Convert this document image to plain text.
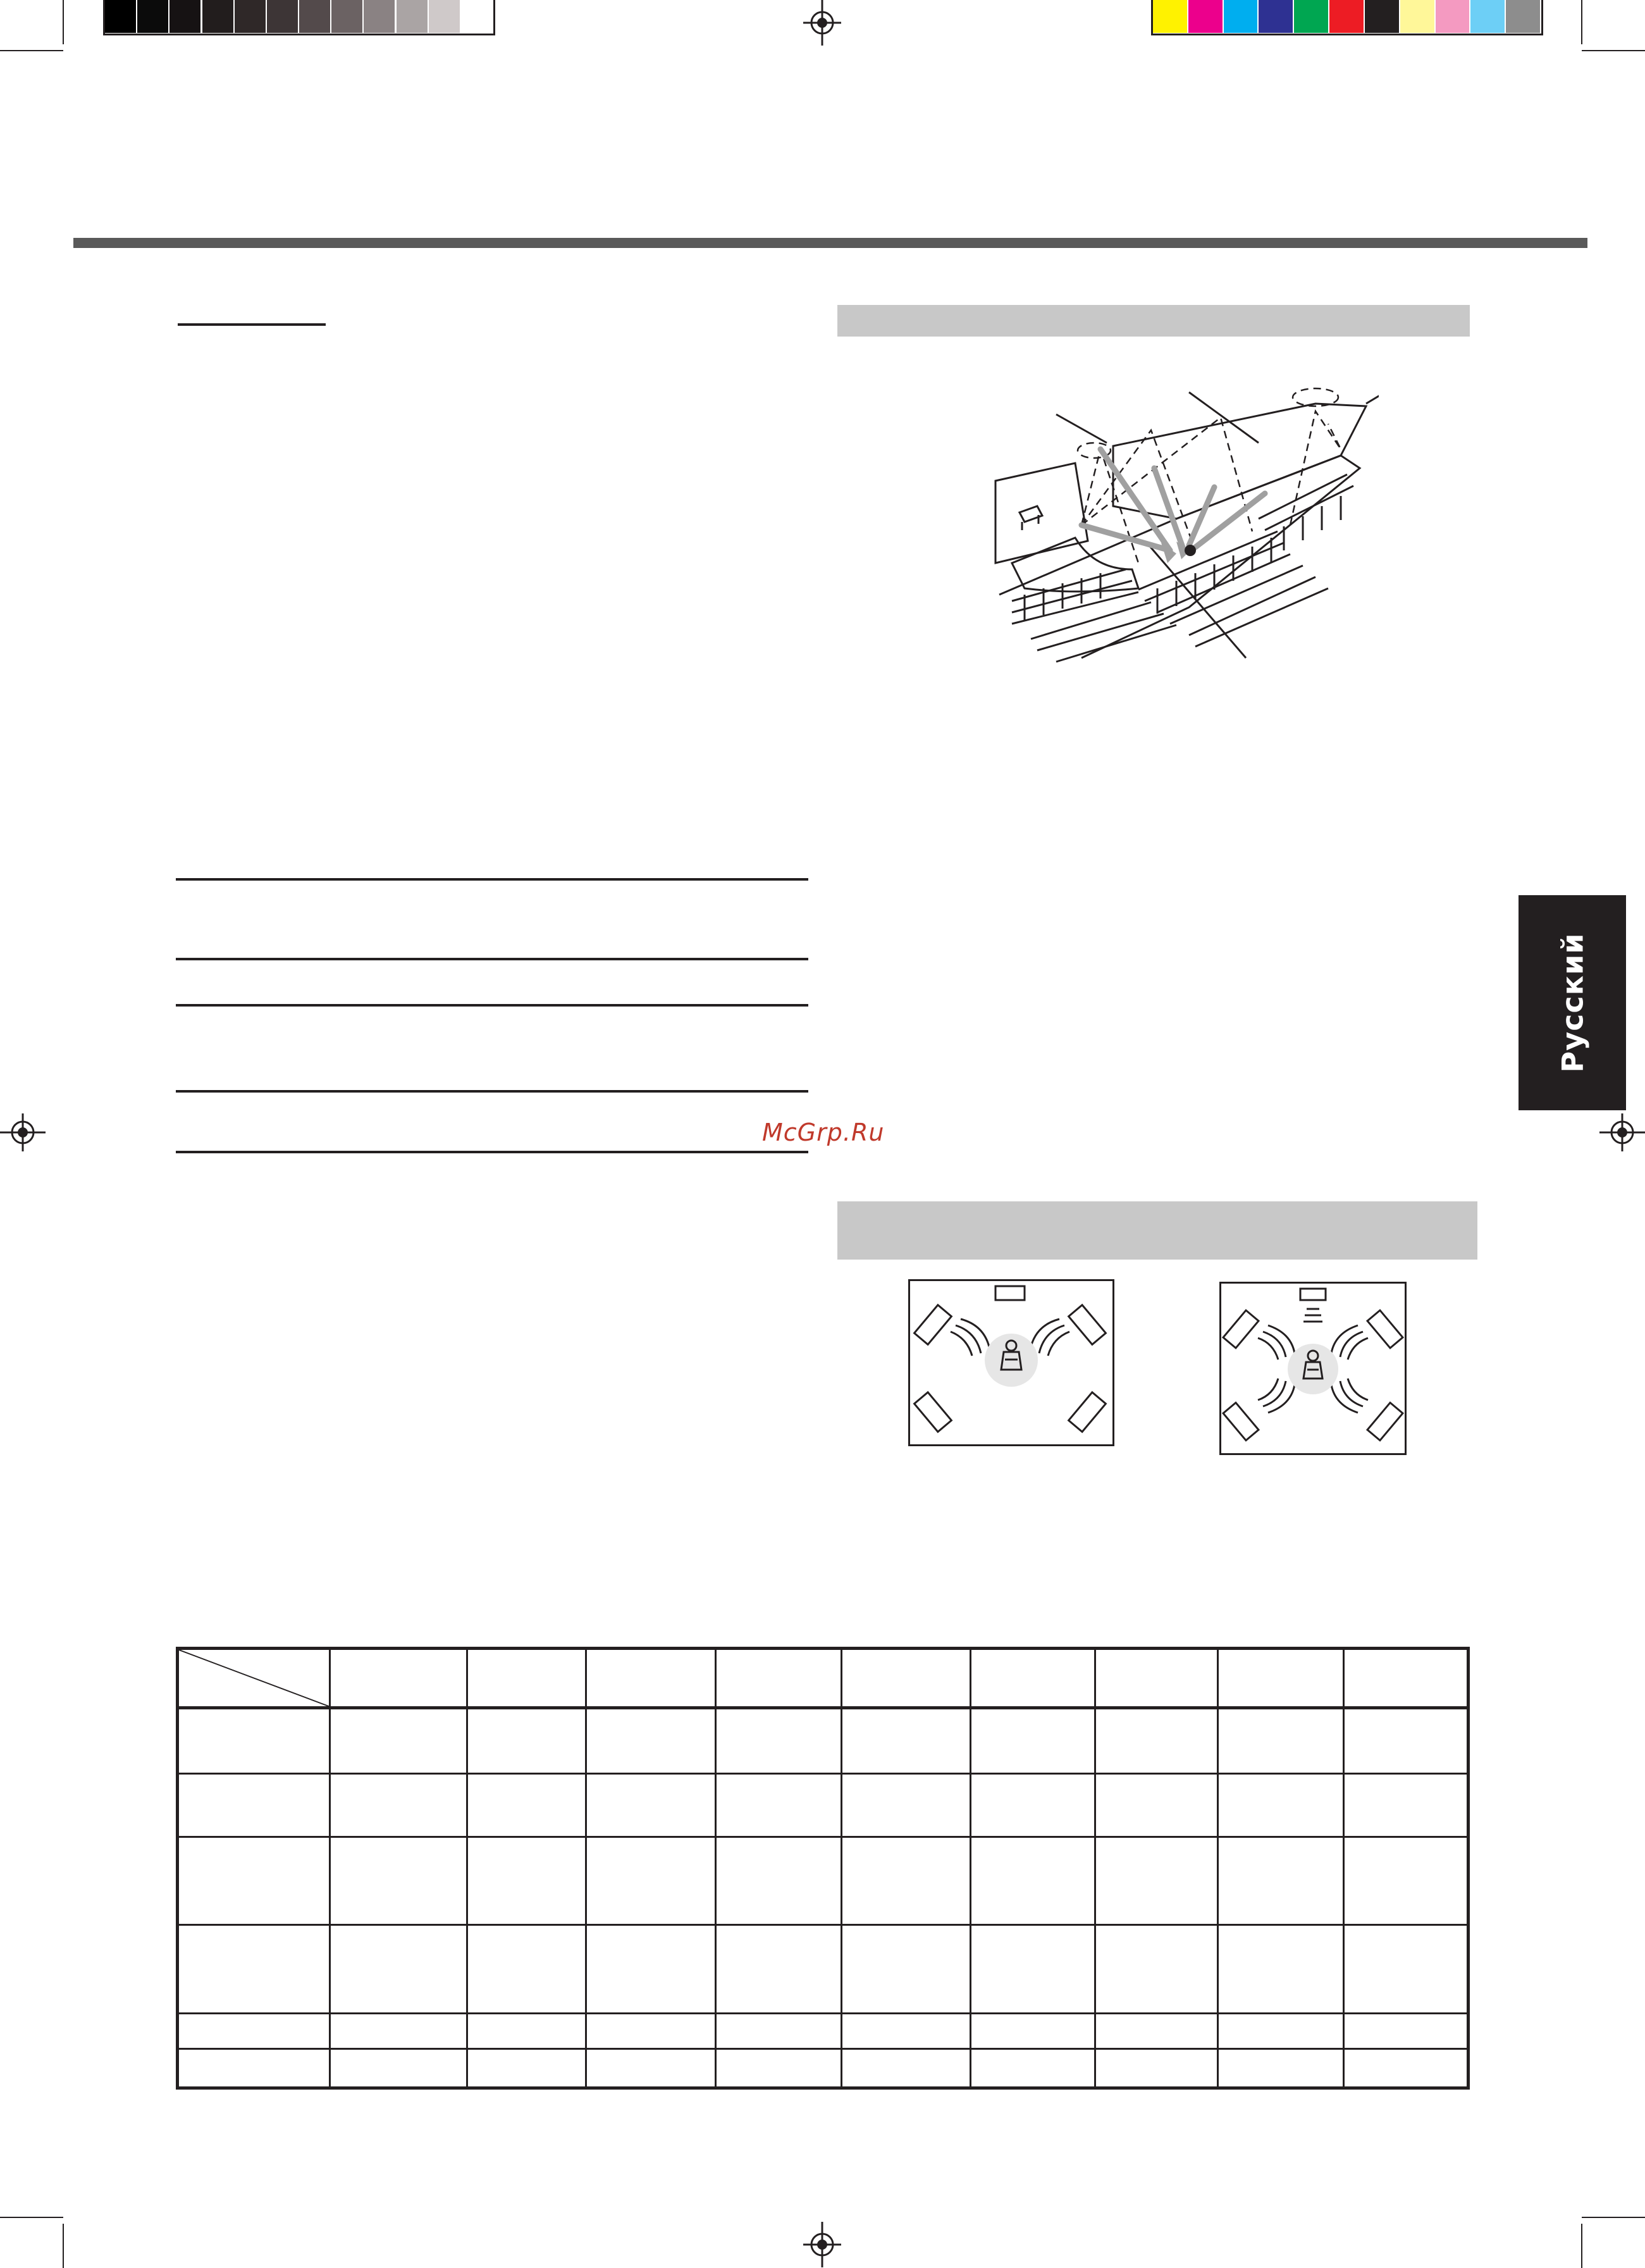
Русский
McGrp.Ru
